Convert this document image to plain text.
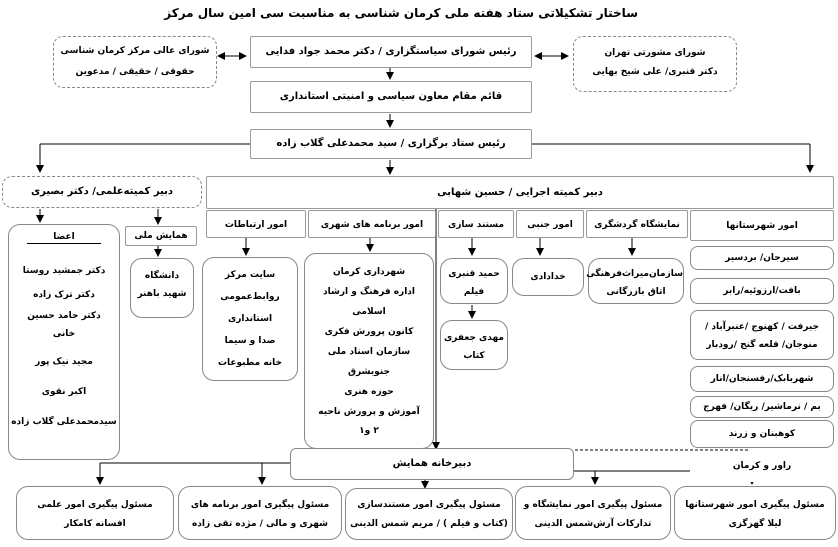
ساختار تشکیلاتی ستاد هفته ملی کرمان شناسی به مناسبت سی امین سال مرکز
شورای مشورتی تهران
دکتر قنبری/ علی شیخ بهایی
رئیس شورای سیاستگزاری / دکتر محمد جواد فدایی
شورای عالی مرکز کرمان شناسی
حقوقی / حقیقی / مدعوین
قائم مقام معاون سیاسی و امنیتی استانداری
رئیس ستاد برگزاری / سید محمدعلی گلاب زاده
دبیر کمیته‌علمی/ دکتر بصیری
اعضا
دکتر جمشید روستا
دکتر ترک زاده
دکتر حامد حسین
خانی
مجید نیک پور
اکبر نقوی
سیدمحمدعلی گلاب زاده
همایش ملی
دانشگاه
شهید باهنر
دبیر کمیته اجرایی / حسین شهابی
امور شهرستانها
نمایشگاه گردشگری
امور جنبی
مستند سازی
امور برنامه های شهری
امور ارتباطات
سیرجان/ بردسیر
بافت/ارزوئیه/رابر
جیرفت / کهنوج /عنبرآباد /
منوجان/ قلعه گنج /رودبار
شهربابک/رفسنجان/انار
بم / نرماشیر/ ریگان/ فهرج
کوهبنان و زرند
راور و کرمان
سازمان‌میراث‌فرهنگی
اتاق بازرگانی
خدادادی
حمید قنبری
فیلم
مهدی جعفری
کتاب
شهرداری کرمان
اداره فرهنگ و ارشاد
اسلامی
کانون پرورش فکری
سازمان اسناد ملی
جنوبشرق
حوزه هنری
آموزش و پرورش ناحیه
۲ و۱
سایت مرکز
روابط‌عمومی
استانداری
صدا و سیما
خانه مطبوعات
دبیرخانه همایش
مسئول پیگیری امور شهرستانها
لیلا گهرگزی
مسئول پیگیری امور نمایشگاه و
تدارکات آرش‌شمس الدینی
مسئول پیگیری امور مستندسازی
(کتاب و فیلم ) / مریم شمس الدینی
مسئول پیگیری امور برنامه های
شهری و مالی / مژده تقی زاده
مسئول پیگیری امور علمی
افسانه کامکار
